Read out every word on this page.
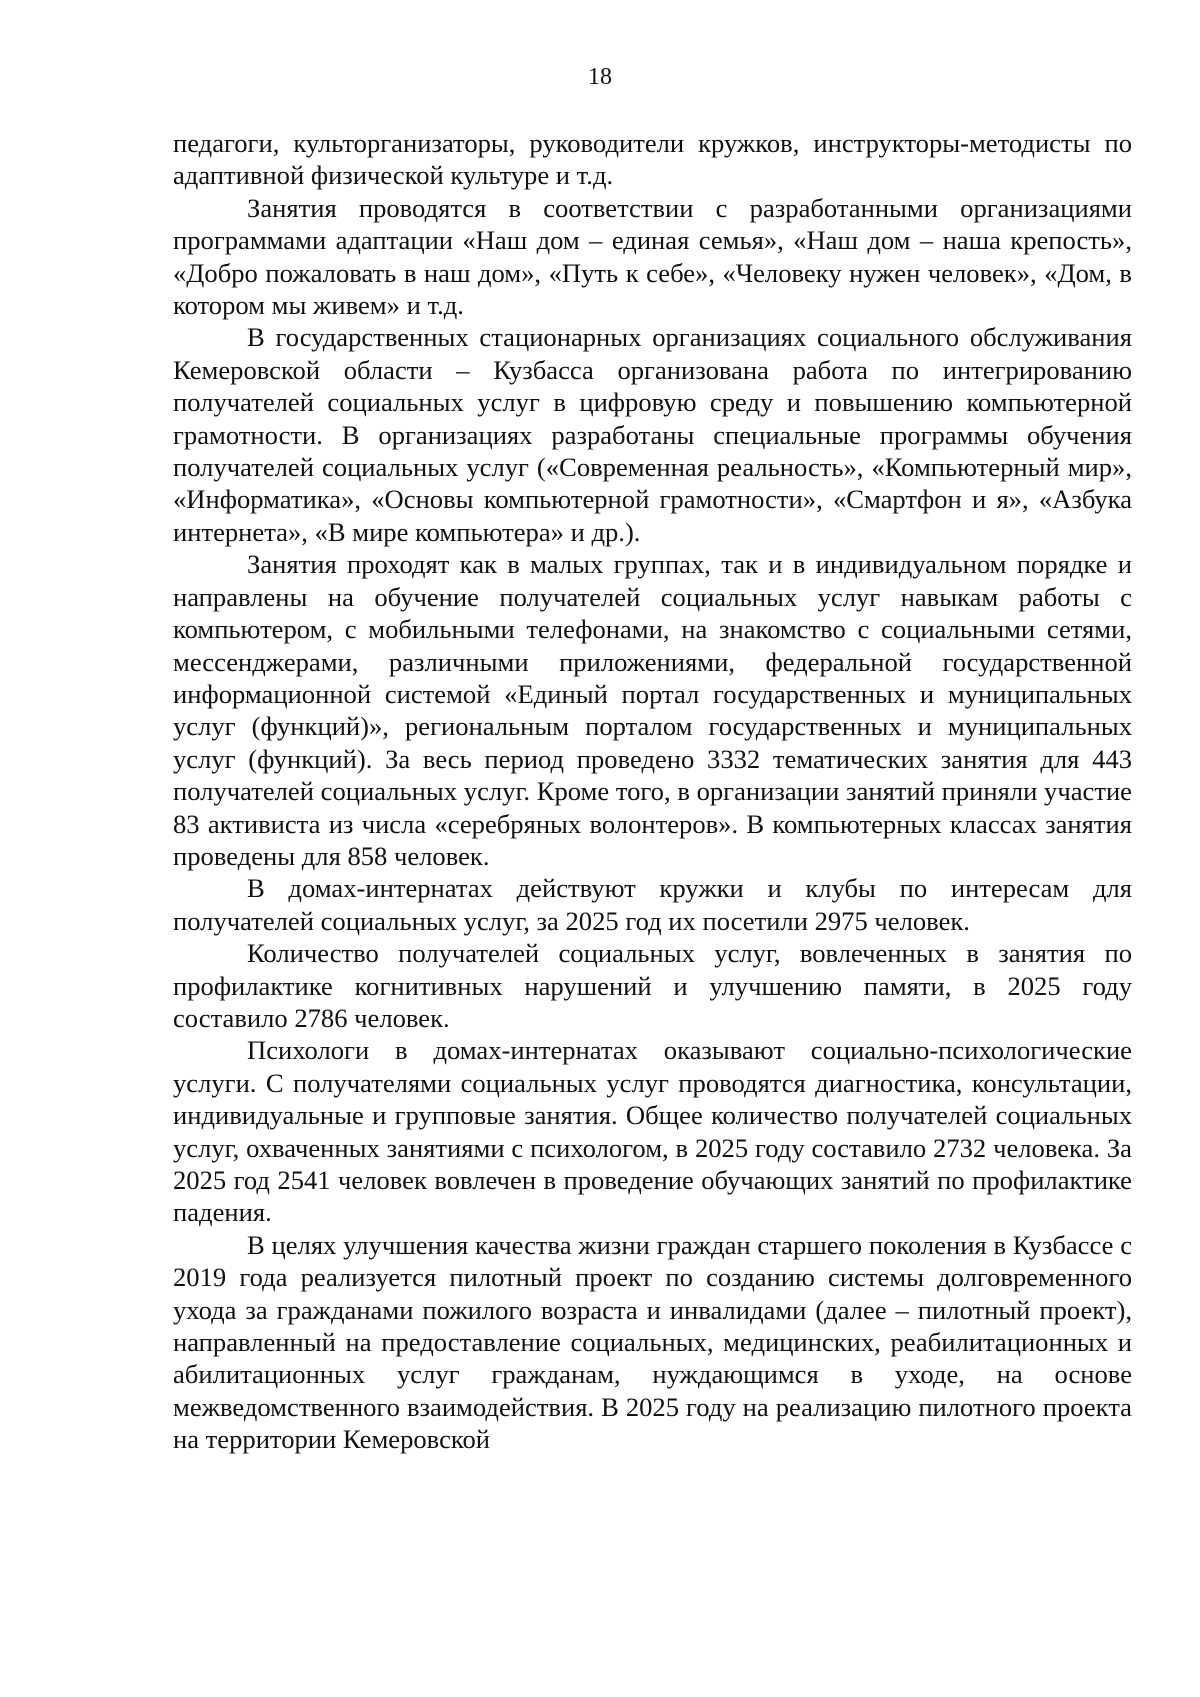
18

педагоги, культорганизаторы, руководители кружков, инструкторы-методисты по адаптивной физической культуре и т.д.

Занятия проводятся в соответствии с разработанными организациями программами адаптации «Наш дом – единая семья», «Наш дом – наша крепость», «Добро пожаловать в наш дом», «Путь к себе», «Человеку нужен человек», «Дом, в котором мы живем» и т.д.

В государственных стационарных организациях социального обслуживания Кемеровской области – Кузбасса организована работа по интегрированию получателей социальных услуг в цифровую среду и повышению компьютерной грамотности. В организациях разработаны специальные программы обучения получателей социальных услуг («Современная реальность», «Компьютерный мир», «Информатика», «Основы компьютерной грамотности», «Смартфон и я», «Азбука интернета», «В мире компьютера» и др.).

Занятия проходят как в малых группах, так и в индивидуальном порядке и направлены на обучение получателей социальных услуг навыкам работы с компьютером, с мобильными телефонами, на знакомство с социальными сетями, мессенджерами, различными приложениями, федеральной государственной информационной системой «Единый портал государственных и муниципальных услуг (функций)», региональным порталом государственных и муниципальных услуг (функций). За весь период проведено 3332 тематических занятия для 443 получателей социальных услуг. Кроме того, в организации занятий приняли участие 83 активиста из числа «серебряных волонтеров». В компьютерных классах занятия проведены для 858 человек.

В домах-интернатах действуют кружки и клубы по интересам для получателей социальных услуг, за 2025 год их посетили 2975 человек.

Количество получателей социальных услуг, вовлеченных в занятия по профилактике когнитивных нарушений и улучшению памяти, в 2025 году составило 2786 человек.

Психологи в домах-интернатах оказывают социально-психологические услуги. С получателями социальных услуг проводятся диагностика, консультации, индивидуальные и групповые занятия. Общее количество получателей социальных услуг, охваченных занятиями с психологом, в 2025 году составило 2732 человека. За 2025 год 2541 человек вовлечен в проведение обучающих занятий по профилактике падения.

В целях улучшения качества жизни граждан старшего поколения в Кузбассе с 2019 года реализуется пилотный проект по созданию системы долговременного ухода за гражданами пожилого возраста и инвалидами (далее – пилотный проект), направленный на предоставление социальных, медицинских, реабилитационных и абилитационных услуг гражданам, нуждающимся в уходе, на основе межведомственного взаимодействия. В 2025 году на реализацию пилотного проекта на территории Кемеровской
